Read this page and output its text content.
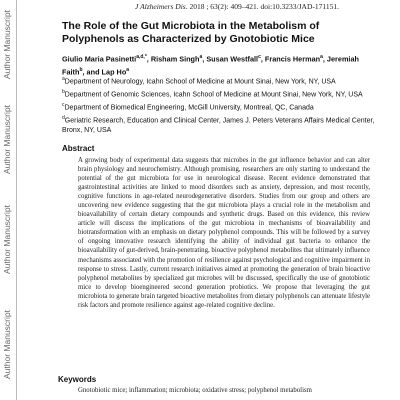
Author Manuscript
Author Manuscript
Author Manuscript
Author Manuscript
J Alzheimers Dis. 2018 ; 63(2): 409–421. doi:10.3233/JAD-171151.
The Role of the Gut Microbiota in the Metabolism of Polyphenols as Characterized by Gnotobiotic Mice
Giulio Maria Pasinetti$^{a,d,*}$, Risham Singh$^a$, Susan Westfall$^c$, Francis Herman$^a$, Jeremiah Faith$^b$, and Lap Ho$^a$
$^a$Department of Neurology, Icahn School of Medicine at Mount Sinai, New York, NY, USA
$^b$Department of Genomic Sciences, Icahn School of Medicine at Mount Sinai, New York, NY, USA
$^c$Department of Biomedical Engineering, McGill University, Montreal, QC, Canada
$^d$Geriatric Research, Education and Clinical Center, James J. Peters Veterans Affairs Medical Center, Bronx, NY, USA
Abstract
A growing body of experimental data suggests that microbes in the gut influence behavior and can alter brain physiology and neurochemistry. Although promising, researchers are only starting to understand the potential of the gut microbiota for use in neurological disease. Recent evidence demonstrated that gastrointestinal activities are linked to mood disorders such as anxiety, depression, and most recently, cognitive functions in age-related neurodegenerative disorders. Studies from our group and others are uncovering new evidence suggesting that the gut microbiota plays a crucial role in the metabolism and bioavailability of certain dietary compounds and synthetic drugs. Based on this evidence, this review article will discuss the implications of the gut microbiota in mechanisms of bioavailability and biotransformation with an emphasis on dietary polyphenol compounds. This will be followed by a survey of ongoing innovative research identifying the ability of individual gut bacteria to enhance the bioavailability of gut-derived, brain-penetrating, bioactive polyphenol metabolites that ultimately influence mechanisms associated with the promotion of resilience against psychological and cognitive impairment in response to stress. Lastly, current research initiatives aimed at promoting the generation of brain bioactive polyphenol metabolites by specialized gut microbes will be discussed, specifically the use of gnotobiotic mice to develop bioengineered second generation probiotics. We propose that leveraging the gut microbiota to generate brain targeted bioactive metabolites from dietary polyphenols can attenuate lifestyle risk factors and promote resilience against age-related cognitive decline.
Keywords
Gnotobiotic mice; inflammation; microbiota; oxidative stress; polyphenol metabolism
